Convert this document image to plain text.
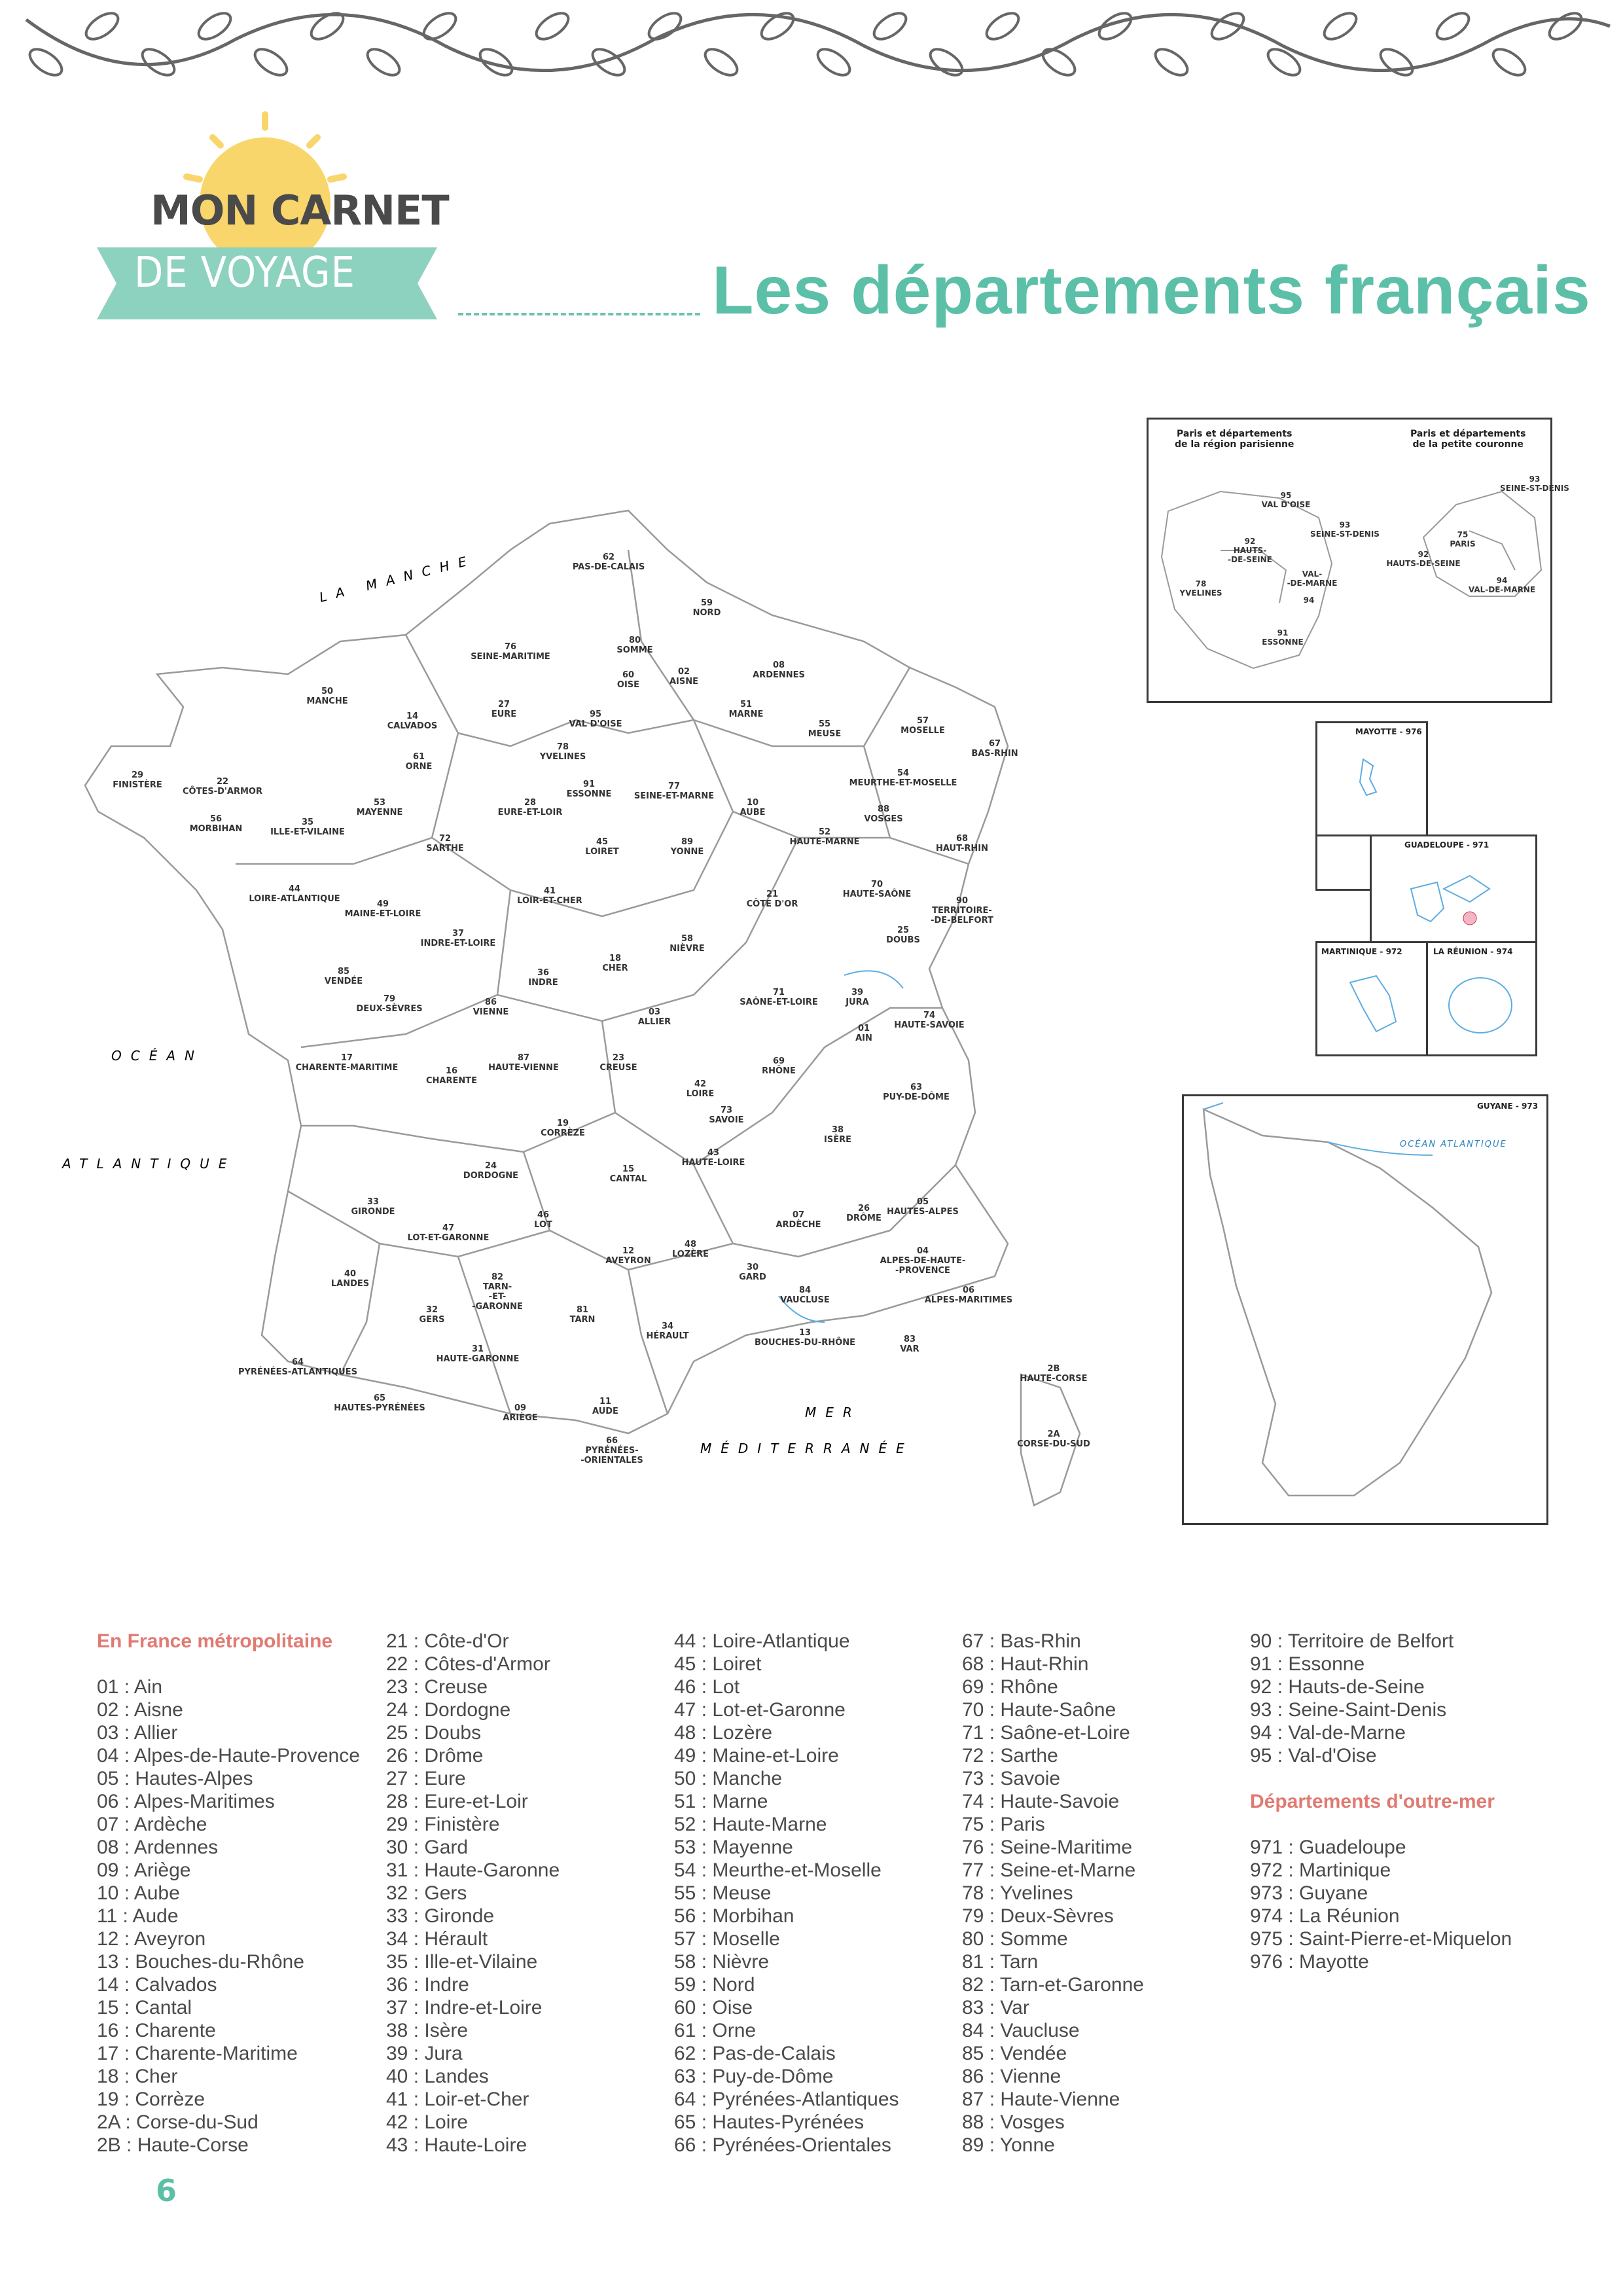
MON CARNET
DE VOYAGE	Les départements français
LA MANCHE
OCÉAN
ATLANTIQUE
MER
MÉDITERRANÉE
62 PAS-DE-CALAIS
59 NORD
80 SOMME
76 SEINE-MARITIME
60 OISE
02 AISNE
08 ARDENNES
50 MANCHE
14 CALVADOS
27 EURE	95 VAL D'OISE
51 MARNE
55 MEUSE
57 MOSELLE
67 BAS-RHIN
29 FINISTÈRE	22 CÔTES-D'ARMOR
61 ORNE
78 YVELINES
91 ESSONNE
77 SEINE-ET-MARNE
54 MEURTHE-ET-MOSELLE
56 MORBIHAN
35 ILLE-ET-VILAINE
53 MAYENNE
28 EURE-ET-LOIR
10 AUBE	88 VOSGES
52 HAUTE-MARNE
72 SARTHE
45 LOIRET
89 YONNE
68 HAUT-RHIN
44 LOIRE-ATLANTIQUE
49 MAINE-ET-LOIRE
41 LOIR-ET-CHER
21 CÔTE D'OR
70 HAUTE-SAÔNE
90 TERRITOIRE--DE-BELFORT
37 INDRE-ET-LOIRE
25 DOUBS
58 NIÈVRE
18 CHER
85 VENDÉE
36 INDRE
71 SAÔNE-ET-LOIRE
39 JURA
79 DEUX-SÈVRES
86 VIENNE	03 ALLIER
74 HAUTE-SAVOIE
01 AIN
17 CHARENTE-MARITIME	16 CHARENTE
87 HAUTE-VIENNE
23 CREUSE
69 RHÔNE
42 LOIRE
63 PUY-DE-DÔME
73 SAVOIE
19 CORRÈZE	38 ISÈRE
43 HAUTE-LOIRE
24 DORDOGNE
15 CANTAL
33 GIRONDE	46 LOT
07 ARDÈCHE
26 DRÔME
05 HAUTES-ALPES
47 LOT-ET-GARONNE
48 LOZÈRE	04 ALPES-DE-HAUTE--PROVENCE
12 AVEYRON
40 LANDES
82 TARN--ET--GARONNE
30 GARD
84 VAUCLUSE
06 ALPES-MARITIMES
32 GERS
81 TARN
34 HÉRAULT	13 BOUCHES-DU-RHÔNE	83 VAR
31 HAUTE-GARONNE
64 PYRÉNÉES-ATLANTIQUES
65 HAUTES-PYRÉNÉES	09 ARIÈGE
11 AUDE
66 PYRÉNÉES--ORIENTALES
2B HAUTE-CORSE
2A CORSE-DU-SUD
Paris et départements
de la région parisienne
Paris et départements
de la petite couronne
95 VAL D'OISE
93 SEINE-ST-DENIS
92 HAUTS--DE-SEINE
VAL--DE-MARNE
94
78 YVELINES
91 ESSONNE
93 SEINE-ST-DENIS
75 PARIS
92 HAUTS-DE-SEINE
94 VAL-DE-MARNE
MAYOTTE - 976
GUADELOUPE - 971
MARTINIQUE - 972	LA RÉUNION - 974
GUYANE - 973
OCÉAN ATLANTIQUE
En France métropolitaine

01 : Ain
02 : Aisne
03 : Allier
04 : Alpes-de-Haute-Provence
05 : Hautes-Alpes
06 : Alpes-Maritimes
07 : Ardèche
08 : Ardennes
09 : Ariège
10 : Aube
11 : Aude
12 : Aveyron
13 : Bouches-du-Rhône
14 : Calvados
15 : Cantal
16 : Charente
17 : Charente-Maritime
18 : Cher
19 : Corrèze
2A : Corse-du-Sud
2B : Haute-Corse
21 : Côte-d'Or
22 : Côtes-d'Armor
23 : Creuse
24 : Dordogne
25 : Doubs
26 : Drôme
27 : Eure
28 : Eure-et-Loir
29 : Finistère
30 : Gard
31 : Haute-Garonne
32 : Gers
33 : Gironde
34 : Hérault
35 : Ille-et-Vilaine
36 : Indre
37 : Indre-et-Loire
38 : Isère
39 : Jura
40 : Landes
41 : Loir-et-Cher
42 : Loire
43 : Haute-Loire
44 : Loire-Atlantique
45 : Loiret
46 : Lot
47 : Lot-et-Garonne
48 : Lozère
49 : Maine-et-Loire
50 : Manche
51 : Marne
52 : Haute-Marne
53 : Mayenne
54 : Meurthe-et-Moselle
55 : Meuse
56 : Morbihan
57 : Moselle
58 : Nièvre
59 : Nord
60 : Oise
61 : Orne
62 : Pas-de-Calais
63 : Puy-de-Dôme
64 : Pyrénées-Atlantiques
65 : Hautes-Pyrénées
66 : Pyrénées-Orientales
67 : Bas-Rhin
68 : Haut-Rhin
69 : Rhône
70 : Haute-Saône
71 : Saône-et-Loire
72 : Sarthe
73 : Savoie
74 : Haute-Savoie
75 : Paris
76 : Seine-Maritime
77 : Seine-et-Marne
78 : Yvelines
79 : Deux-Sèvres
80 : Somme
81 : Tarn
82 : Tarn-et-Garonne
83 : Var
84 : Vaucluse
85 : Vendée
86 : Vienne
87 : Haute-Vienne
88 : Vosges
89 : Yonne
90 : Territoire de Belfort
91 : Essonne
92 : Hauts-de-Seine
93 : Seine-Saint-Denis
94 : Val-de-Marne
95 : Val-d'Oise

Départements d'outre-mer

971 : Guadeloupe
972 : Martinique
973 : Guyane
974 : La Réunion
975 : Saint-Pierre-et-Miquelon
976 : Mayotte
6
